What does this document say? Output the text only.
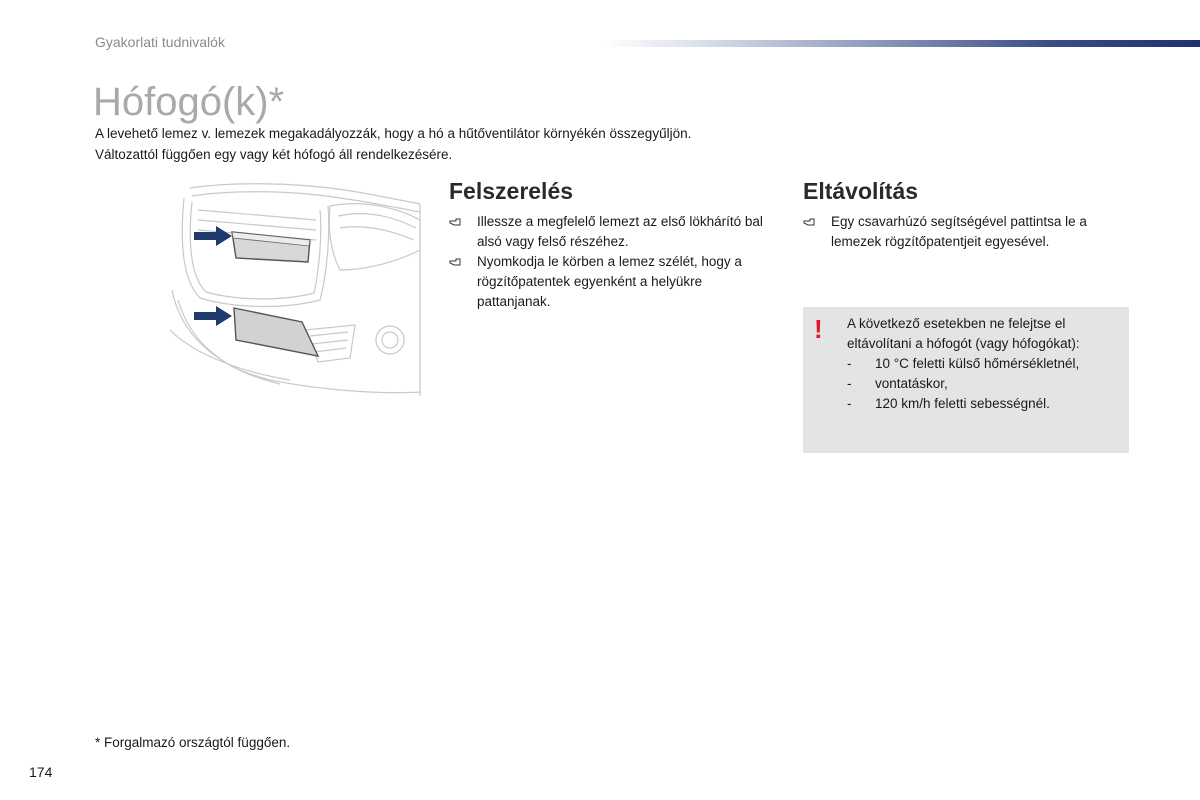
Gyakorlati tudnivalók
Hófogó(k)*

A levehető lemez v. lemezek megakadályozzák, hogy a hó a hűtőventilátor környékén összegyűljön.

Változattól függően egy vagy két hófogó áll rendelkezésére.

Felszerelés
Illessze a megfelelő lemezt az első lökhárító bal alsó vagy felső részéhez.
Nyomkodja le körben a lemez szélét, hogy a rögzítőpatentek egyenként a helyükre pattanjanak.
Eltávolítás
Egy csavarhúzó segítségével pattintsa le a lemezek rögzítőpatentjeit egyesével.
! A következő esetekben ne felejtse el eltávolítani a hófogót (vagy hófogókat):

- 10 °C feletti külső hőmérsékletnél,
- vontatáskor,
- 120 km/h feletti sebességnél.
* Forgalmazó országtól függően.
174
